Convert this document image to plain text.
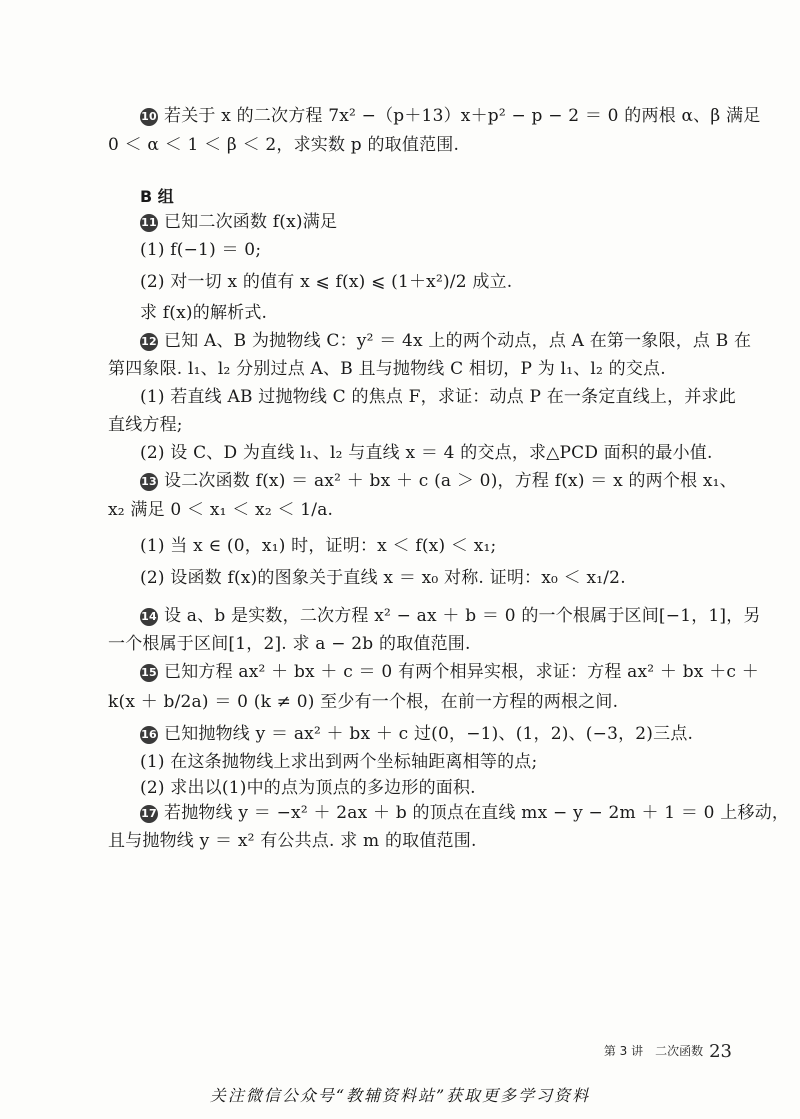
10 若关于 x 的二次方程 7x² −（p＋13）x＋p² − p − 2 ＝ 0 的两根 α、β 满足
0 ＜ α ＜ 1 ＜ β ＜ 2，求实数 p 的取值范围.
B 组
11 已知二次函数 f(x)满足
(1) f(−1) ＝ 0;
(2) 对一切 x 的值有 x ⩽ f(x) ⩽ (1＋x²)/2 成立.
求 f(x)的解析式.
12 已知 A、B 为抛物线 C：y² ＝ 4x 上的两个动点，点 A 在第一象限，点 B 在
第四象限. l₁、l₂ 分别过点 A、B 且与抛物线 C 相切，P 为 l₁、l₂ 的交点.
(1) 若直线 AB 过抛物线 C 的焦点 F，求证：动点 P 在一条定直线上，并求此
直线方程;
(2) 设 C、D 为直线 l₁、l₂ 与直线 x ＝ 4 的交点，求△PCD 面积的最小值.
13 设二次函数 f(x) ＝ ax² ＋ bx ＋ c (a ＞ 0)，方程 f(x) ＝ x 的两个根 x₁、
x₂ 满足 0 ＜ x₁ ＜ x₂ ＜ 1/a.
(1) 当 x ∈ (0，x₁) 时，证明：x ＜ f(x) ＜ x₁;
(2) 设函数 f(x)的图象关于直线 x ＝ x₀ 对称. 证明：x₀ ＜ x₁/2.
14 设 a、b 是实数，二次方程 x² − ax ＋ b ＝ 0 的一个根属于区间[−1，1]，另
一个根属于区间[1，2]. 求 a − 2b 的取值范围.
15 已知方程 ax² ＋ bx ＋ c ＝ 0 有两个相异实根，求证：方程 ax² ＋ bx ＋c ＋
k(x ＋ b/2a) ＝ 0 (k ≠ 0) 至少有一个根，在前一方程的两根之间.
16 已知抛物线 y ＝ ax² ＋ bx ＋ c 过(0，−1)、(1，2)、(−3，2)三点.
(1) 在这条抛物线上求出到两个坐标轴距离相等的点;
(2) 求出以(1)中的点为顶点的多边形的面积.
17 若抛物线 y ＝ −x² ＋ 2ax ＋ b 的顶点在直线 mx − y − 2m ＋ 1 ＝ 0 上移动，
且与抛物线 y ＝ x² 有公共点. 求 m 的取值范围.
第 3 讲　二次函数 23
关注微信公众号“教辅资料站”获取更多学习资料
